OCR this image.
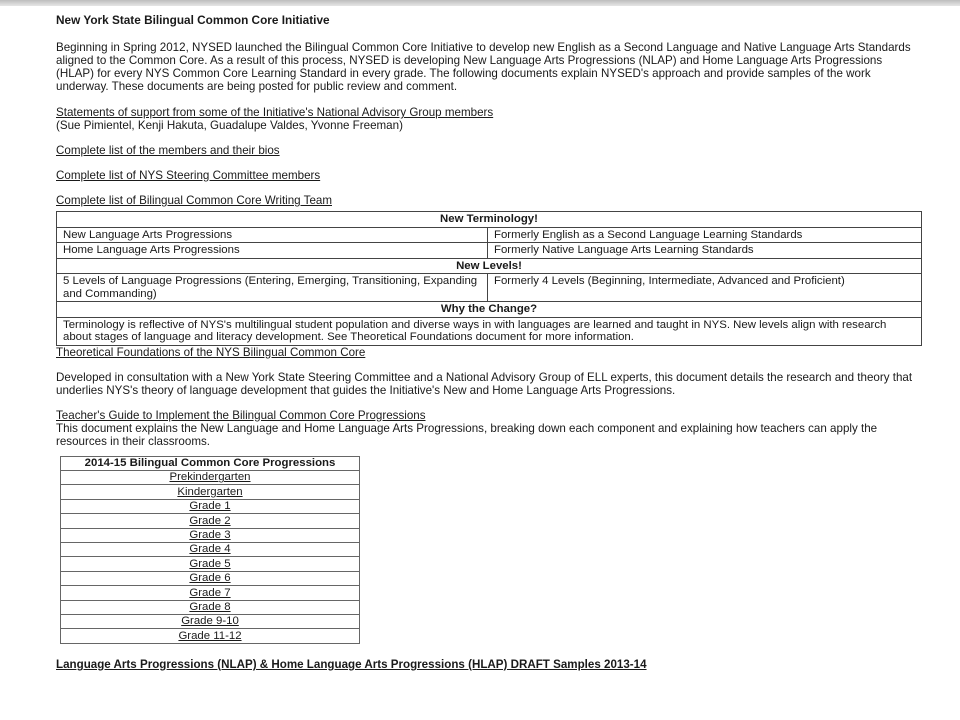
New York State Bilingual Common Core Initiative
Beginning in Spring 2012, NYSED launched the Bilingual Common Core Initiative to develop new English as a Second Language and Native Language Arts Standards aligned to the Common Core. As a result of this process, NYSED is developing New Language Arts Progressions (NLAP) and Home Language Arts Progressions (HLAP) for every NYS Common Core Learning Standard in every grade. The following documents explain NYSED's approach and provide samples of the work underway. These documents are being posted for public review and comment.
Statements of support from some of the Initiative's National Advisory Group members
(Sue Pimientel, Kenji Hakuta, Guadalupe Valdes, Yvonne Freeman)
Complete list of the members and their bios
Complete list of NYS Steering Committee members
Complete list of Bilingual Common Core Writing Team
New Terminology!	
New Language Arts Progressions	Formerly English as a Second Language Learning Standards
Home Language Arts Progressions	Formerly Native Language Arts Learning Standards
New Levels!	
5 Levels of Language Progressions (Entering, Emerging, Transitioning, Expanding and Commanding)	Formerly 4 Levels (Beginning, Intermediate, Advanced and Proficient)
Why the Change?	
Terminology is reflective of NYS's multilingual student population and diverse ways in with languages are learned and taught in NYS. New levels align with research about stages of language and literacy development. See Theoretical Foundations document for more information.	
Theoretical Foundations of the NYS Bilingual Common Core
Developed in consultation with a New York State Steering Committee and a National Advisory Group of ELL experts, this document details the research and theory that underlies NYS's theory of language development that guides the Initiative's New and Home Language Arts Progressions.
Teacher's Guide to Implement the Bilingual Common Core Progressions
This document explains the New Language and Home Language Arts Progressions, breaking down each component and explaining how teachers can apply the resources in their classrooms.
2014-15 Bilingual Common Core Progressions
Prekindergarten
Kindergarten
Grade 1
Grade 2
Grade 3
Grade 4
Grade 5
Grade 6
Grade 7
Grade 8
Grade 9-10
Grade 11-12
Language Arts Progressions (NLAP) & Home Language Arts Progressions (HLAP) DRAFT Samples 2013-14
